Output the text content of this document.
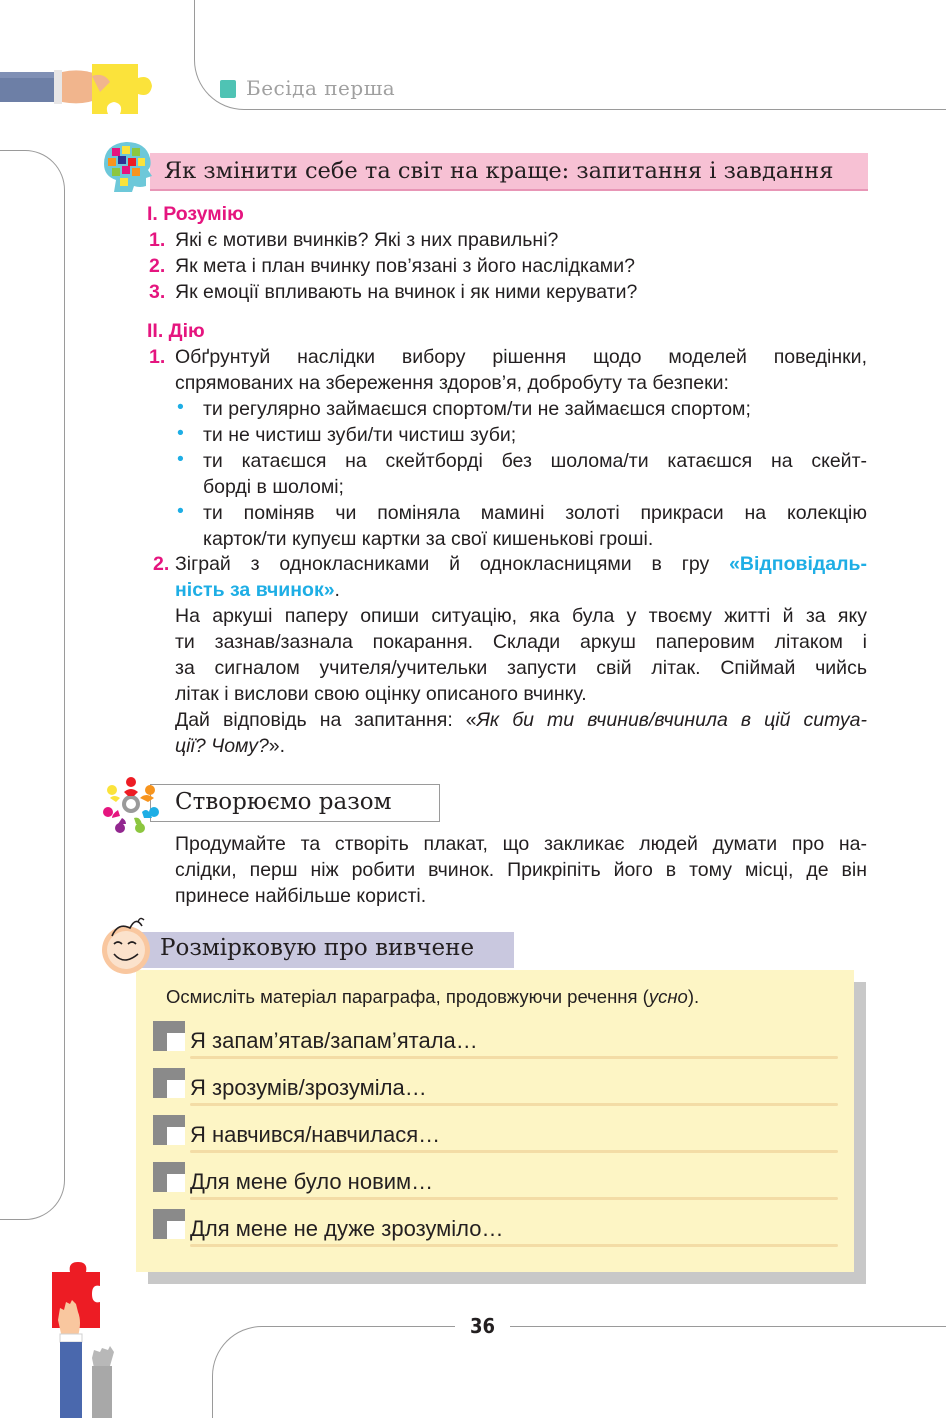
Бесіда перша
Як змінити себе та світ на краще: запитання і завдання
I. Розумію
1. Які є мотиви вчинків? Які з них правильні?
2. Як мета і план вчинку пов’язані з його наслідками?
3. Як емоції впливають на вчинок і як ними керувати?
II. Дію
1. Обґрунтуй наслідки вибору рішення щодо моделей поведінки,
спрямованих на збереження здоров’я, добробуту та безпеки:
• ти регулярно займаєшся спортом/ти не займаєшся спортом;
• ти не чистиш зуби/ти чистиш зуби;
• ти катаєшся на скейтборді без шолома/ти катаєшся на скейт-
борді в шоломі;
• ти поміняв чи поміняла мамині золоті прикраси на колекцію
карток/ти купуєш картки за свої кишенькові гроші.
2. Зіграй з однокласниками й однокласницями в гру «Відповідаль-
ність за вчинок».
На аркуші паперу опиши ситуацію, яка була у твоєму житті й за яку
ти зазнав/зазнала покарання. Склади аркуш паперовим літаком і
за сигналом учителя/учительки запусти свій літак. Спіймай чийсь
літак і вислови свою оцінку описаного вчинку.
Дай відповідь на запитання: «Як би ти вчинив/вчинила в цій ситуа-
ції? Чому?».
Створюємо разом
Продумайте та створіть плакат, що закликає людей думати про на-
слідки, перш ніж робити вчинок. Прикріпіть його в тому місці, де він
принесе найбільше користі.
Розмірковую про вивчене
Осмисліть матеріал параграфа, продовжуючи речення (усно).
Я запам’ятав/запам’ятала…
Я зрозумів/зрозуміла…
Я навчився/навчилася…
Для мене було новим…
Для мене не дуже зрозуміло…
36
